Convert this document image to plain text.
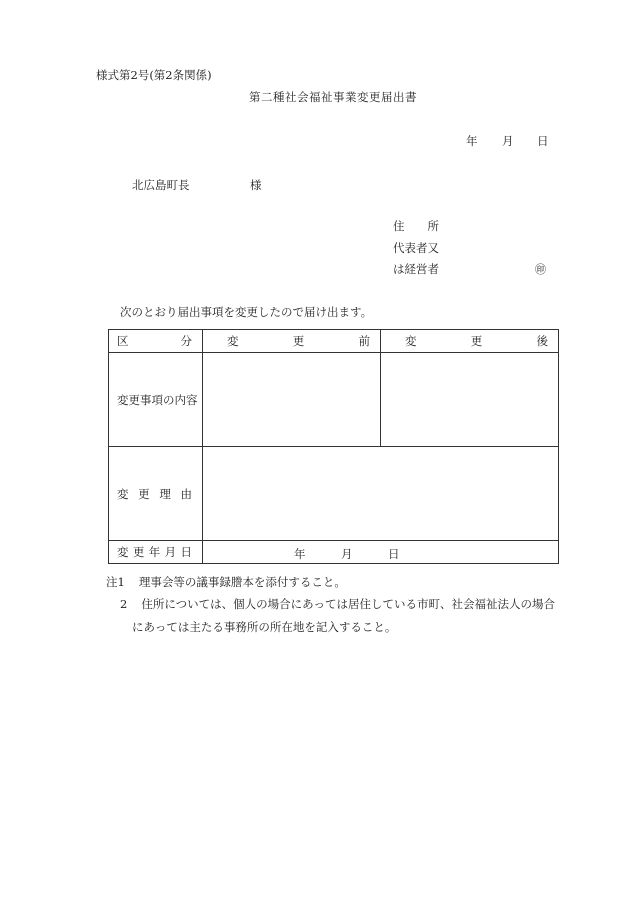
様式第2号(第2条関係)
第二種社会福祉事業変更届出書
年 月 日
北広島町長	様
住 所
代表者又
は経営者	㊞
次のとおり届出事項を変更したので届け出ます。
区 分	変 更 前	変 更 後

変更事項の内容		

変 更 理 由		

変 更 年 月 日	年 月 日	
注1 理事会等の議事録謄本を添付すること。
2 住所については、個人の場合にあっては居住している市町、社会福祉法人の場合
にあっては主たる事務所の所在地を記入すること。
